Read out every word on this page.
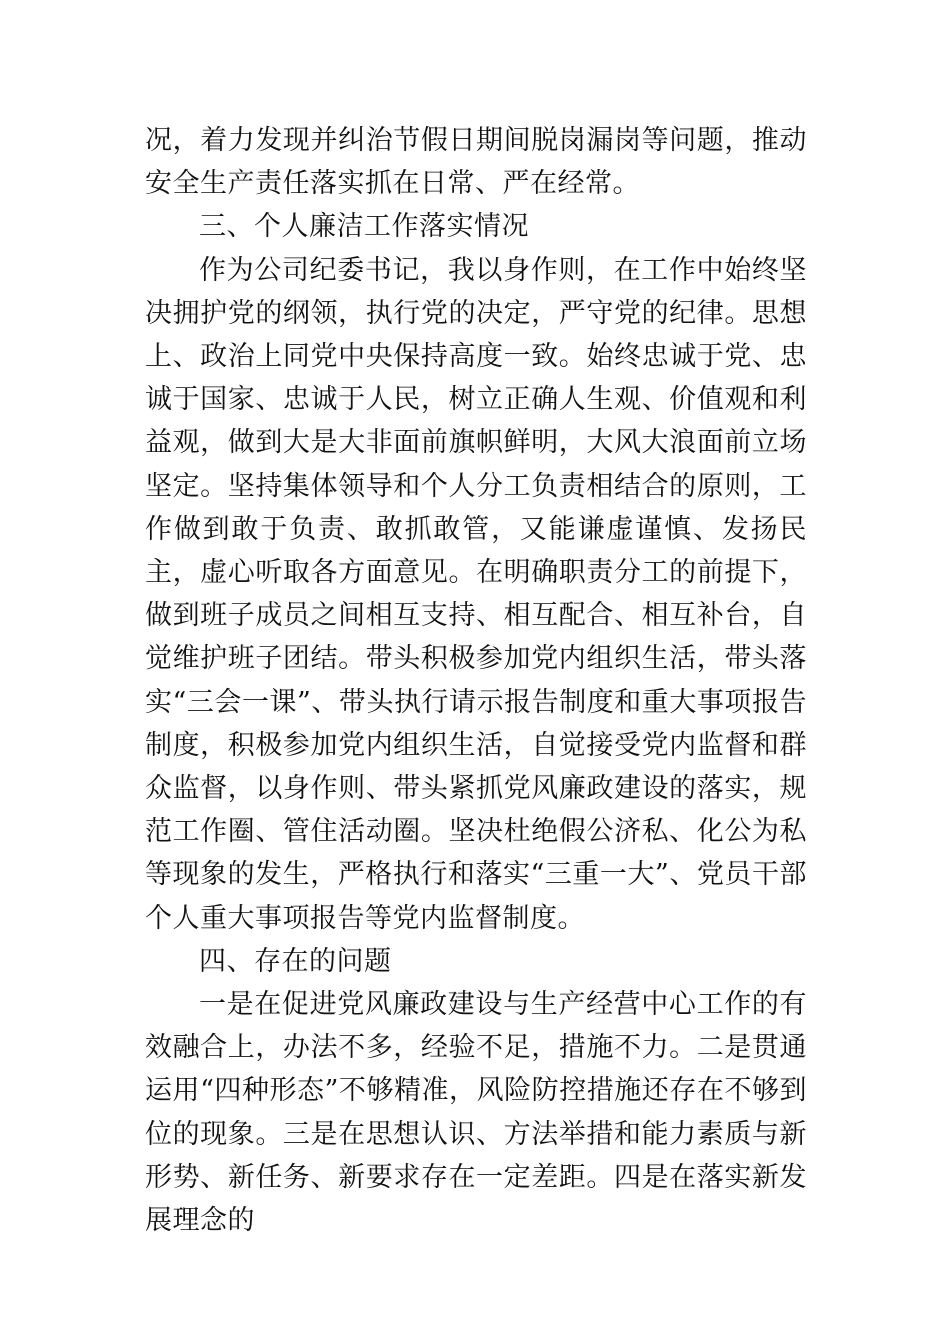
况，着力发现并纠治节假日期间脱岗漏岗等问题，推动安全生产责任落实抓在日常、严在经常。

三、个人廉洁工作落实情况

作为公司纪委书记，我以身作则，在工作中始终坚决拥护党的纲领，执行党的决定，严守党的纪律。思想上、政治上同党中央保持高度一致。始终忠诚于党、忠诚于国家、忠诚于人民，树立正确人生观、价值观和利益观，做到大是大非面前旗帜鲜明，大风大浪面前立场坚定。坚持集体领导和个人分工负责相结合的原则，工作做到敢于负责、敢抓敢管，又能谦虚谨慎、发扬民主，虚心听取各方面意见。在明确职责分工的前提下，做到班子成员之间相互支持、相互配合、相互补台，自觉维护班子团结。带头积极参加党内组织生活，带头落实“三会一课”、带头执行请示报告制度和重大事项报告制度，积极参加党内组织生活，自觉接受党内监督和群众监督，以身作则、带头紧抓党风廉政建设的落实，规范工作圈、管住活动圈。坚决杜绝假公济私、化公为私等现象的发生，严格执行和落实“三重一大”、党员干部个人重大事项报告等党内监督制度。

四、存在的问题

一是在促进党风廉政建设与生产经营中心工作的有效融合上，办法不多，经验不足，措施不力。二是贯通运用“四种形态”不够精准，风险防控措施还存在不够到位的现象。三是在思想认识、方法举措和能力素质与新形势、新任务、新要求存在一定差距。四是在落实新发展理念的
